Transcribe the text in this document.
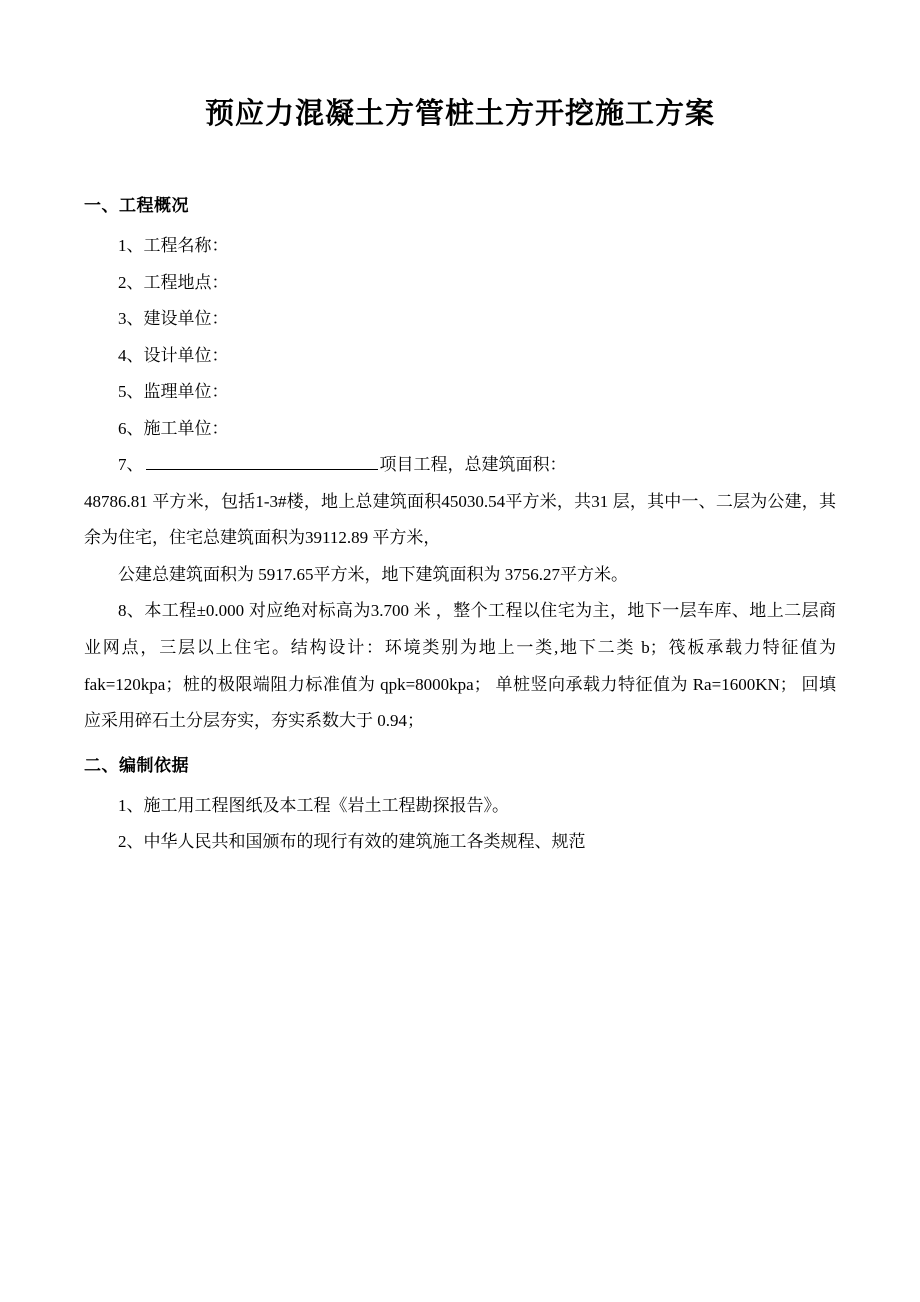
预应力混凝土方管桩土方开挖施工方案
一、工程概况

1、工程名称：

2、工程地点：

3、建设单位：

4、设计单位：

5、监理单位：

6、施工单位：

7、	项目工程，总建筑面积：

48786.81 平方米，包括1-3#楼，地上总建筑面积45030.54平方米，共31 层，其中一、二层为公建，其余为住宅，住宅总建筑面积为39112.89 平方米，

公建总建筑面积为 5917.65平方米，地下建筑面积为 3756.27平方米。

8、本工程±0.000 对应绝对标高为3.700 米 ，整个工程以住宅为主，地下一层车库、地上二层商业网点，三层以上住宅。结构设计：环境类别为地上一类,地下二类 b；筏板承载力特征值为 fak=120kpa；桩的极限端阻力标准值为 qpk=8000kpa； 单桩竖向承载力特征值为 Ra=1600KN； 回填应采用碎石土分层夯实，夯实系数大于 0.94；

二、编制依据

1、施工用工程图纸及本工程《岩土工程勘探报告》。

2、中华人民共和国颁布的现行有效的建筑施工各类规程、规范
